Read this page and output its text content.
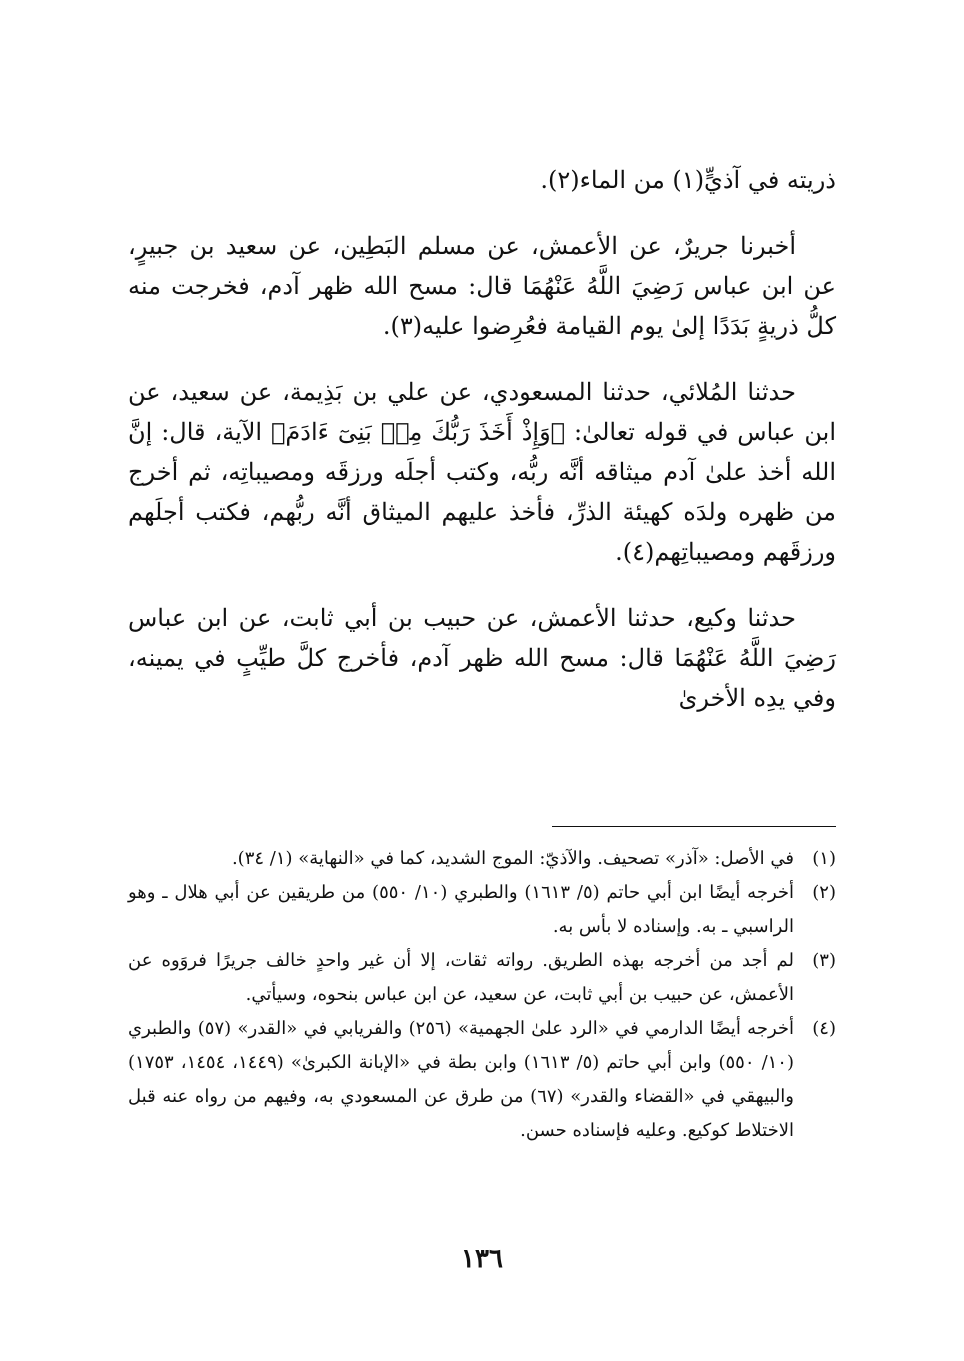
ذريته في آذيٍّ(١) من الماء(٢).

أخبرنا جريرٌ، عن الأعمش، عن مسلم البَطِين، عن سعيد بن جبيرٍ، عن ابن عباس رَضِيَ اللَّهُ عَنْهُمَا قال: مسح الله ظهر آدم، فخرجت منه كلُّ ذريةٍ بَدَدًا إلىٰ يوم القيامة فعُرِضوا عليه(٣).

حدثنا المُلائي، حدثنا المسعودي، عن علي بن بَذِيمة، عن سعيد، عن ابن عباس في قوله تعالىٰ: ﴿وَإِذْ أَخَذَ رَبُّكَ مِنۢ بَنِىٓ ءَادَمَ﴾ الآية، قال: إنَّ الله أخذ علىٰ آدم ميثاقه أنَّه ربُّه، وكتب أجلَه ورزقَه ومصيباتِه، ثم أخرج من ظهره ولدَه كهيئة الذرِّ، فأخذ عليهم الميثاق أنَّه ربُّهم، فكتب أجلَهم ورزقَهم ومصيباتِهم(٤).

حدثنا وكيع، حدثنا الأعمش، عن حبيب بن أبي ثابت، عن ابن عباس رَضِيَ اللَّهُ عَنْهُمَا قال: مسح الله ظهر آدم، فأخرج كلَّ طيِّبٍ في يمينه، وفي يدِه الأخرىٰ

(١)
في الأصل: «آذر» تصحيف. والآذيّ: الموج الشديد، كما في «النهاية» (١/ ٣٤).
(٢)
أخرجه أيضًا ابن أبي حاتم (٥/ ١٦١٣) والطبري (١٠/ ٥٥٠) من طريقين عن أبي هلال ـ وهو الراسبي ـ به. وإسناده لا بأس به.
(٣)
لم أجد من أخرجه بهذه الطريق. رواته ثقات، إلا أن غير واحدٍ خالف جريرًا فروَوه عن الأعمش، عن حبيب بن أبي ثابت، عن سعيد، عن ابن عباس بنحوه، وسيأتي.
(٤)
أخرجه أيضًا الدارمي في «الرد علىٰ الجهمية» (٢٥٦) والفريابي في «القدر» (٥٧) والطبري (١٠/ ٥٥٠) وابن أبي حاتم (٥/ ١٦١٣) وابن بطة في «الإبانة الكبرىٰ» (١٤٤٩، ١٤٥٤، ١٧٥٣) والبيهقي في «القضاء والقدر» (٦٧) من طرق عن المسعودي به، وفيهم من رواه عنه قبل الاختلاط كوكيع. وعليه فإسناده حسن.
١٣٦
